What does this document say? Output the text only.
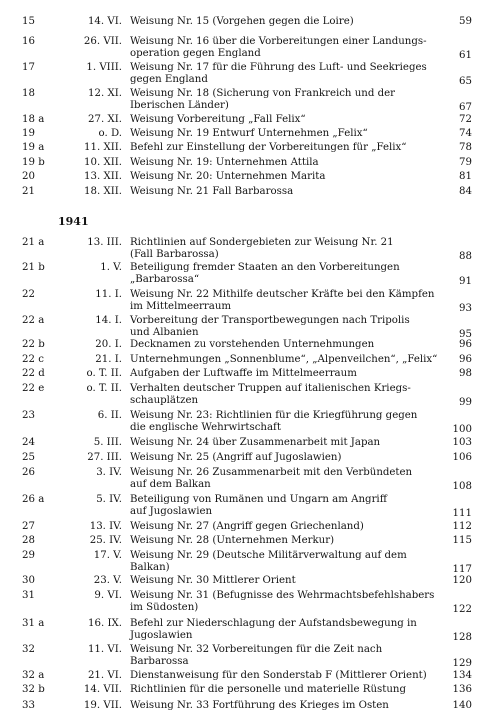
1941
15	14. VI. Weisung Nr. 15 (Vorgehen gegen die Loire)	59
16	26. VII. Weisung Nr. 16 über die Vorbereitungen einer Landungs-
operation gegen England	61
17	1. VIII. Weisung Nr. 17 für die Führung des Luft- und Seekrieges
gegen England	65
18	12. XI. Weisung Nr. 18 (Sicherung von Frankreich und der
Iberischen Länder)	67
18 a	27. XI. Weisung Vorbereitung „Fall Felix“	72
19	o. D. Weisung Nr. 19 Entwurf Unternehmen „Felix“	74
19 a	11. XII. Befehl zur Einstellung der Vorbereitungen für „Felix“	78
19 b	10. XII. Weisung Nr. 19: Unternehmen Attila	79
20	13. XII. Weisung Nr. 20: Unternehmen Marita	81
21	18. XII. Weisung Nr. 21 Fall Barbarossa	84
21 a	13. III. Richtlinien auf Sondergebieten zur Weisung Nr. 21
(Fall Barbarossa)	88
21 b	1. V. Beteiligung fremder Staaten an den Vorbereitungen
„Barbarossa“	91
22	11. I. Weisung Nr. 22 Mithilfe deutscher Kräfte bei den Kämpfen
im Mittelmeerraum	93
22 a	14. I. Vorbereitung der Transportbewegungen nach Tripolis
und Albanien	95
22 b	20. I. Decknamen zu vorstehenden Unternehmungen	96
22 c	21. I. Unternehmungen „Sonnenblume“, „Alpenveilchen“, „Felix“	96
22 d	o. T. II. Aufgaben der Luftwaffe im Mittelmeerraum	98
22 e	o. T. II. Verhalten deutscher Truppen auf italienischen Kriegs-
schauplätzen	99
23	6. II. Weisung Nr. 23: Richtlinien für die Kriegführung gegen
die englische Wehrwirtschaft	100
24	5. III. Weisung Nr. 24 über Zusammenarbeit mit Japan	103
25	27. III. Weisung Nr. 25 (Angriff auf Jugoslawien)	106
26	3. IV. Weisung Nr. 26 Zusammenarbeit mit den Verbündeten
auf dem Balkan	108
26 a	5. IV. Beteiligung von Rumänen und Ungarn am Angriff
auf Jugoslawien	111
27	13. IV. Weisung Nr. 27 (Angriff gegen Griechenland)	112
28	25. IV. Weisung Nr. 28 (Unternehmen Merkur)	115
29	17. V. Weisung Nr. 29 (Deutsche Militärverwaltung auf dem
Balkan)	117
30	23. V. Weisung Nr. 30 Mittlerer Orient	120
31	9. VI. Weisung Nr. 31 (Befugnisse des Wehrmachtsbefehlshabers
im Südosten)	122
31 a	16. IX. Befehl zur Niederschlagung der Aufstandsbewegung in
Jugoslawien	128
32	11. VI. Weisung Nr. 32 Vorbereitungen für die Zeit nach
Barbarossa	129
32 a	21. VI. Dienstanweisung für den Sonderstab F (Mittlerer Orient)	134
32 b	14. VII. Richtlinien für die personelle und materielle Rüstung	136
33	19. VII. Weisung Nr. 33 Fortführung des Krieges im Osten	140
